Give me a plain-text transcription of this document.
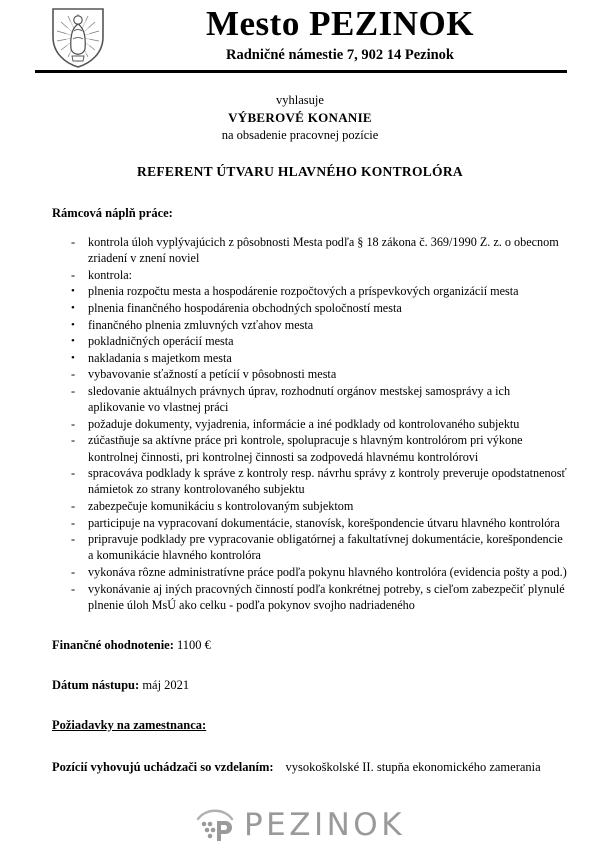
Mesto PEZINOK
Radničné námestie 7, 902 14 Pezinok
vyhlasuje
VÝBEROVÉ KONANIE
na obsadenie pracovnej pozície
REFERENT ÚTVARU HLAVNÉHO KONTROLÓRA
Rámcová náplň práce:
-	kontrola úloh vyplývajúcich z pôsobnosti Mesta podľa § 18 zákona č. 369/1990 Z. z. o obecnom zriadení v znení noviel
-	kontrola:
•	plnenia rozpočtu mesta a hospodárenie rozpočtových a príspevkových organizácií mesta
•	plnenia finančného hospodárenia obchodných spoločností mesta
•	finančného plnenia zmluvných vzťahov mesta
•	pokladničných operácií mesta
•	nakladania s majetkom mesta
-	vybavovanie sťažností a petícií v pôsobnosti mesta
-	sledovanie aktuálnych právnych úprav, rozhodnutí orgánov mestskej samosprávy a ich aplikovanie vo vlastnej práci
-	požaduje dokumenty, vyjadrenia, informácie a iné podklady od kontrolovaného subjektu
-	zúčastňuje sa aktívne práce pri kontrole, spolupracuje s hlavným kontrolórom pri výkone kontrolnej činnosti, pri kontrolnej činnosti sa zodpovedá hlavnému kontrolórovi
-	spracováva podklady k správe z kontroly resp. návrhu správy z kontroly preveruje opodstatnenosť námietok zo strany kontrolovaného subjektu
-	zabezpečuje komunikáciu s kontrolovaným subjektom
-	participuje na vypracovaní dokumentácie, stanovísk, korešpondencie útvaru hlavného kontrolóra
-	pripravuje podklady pre vypracovanie obligatórnej a fakultatívnej dokumentácie, korešpondencie a komunikácie hlavného kontrolóra
-	vykonáva rôzne administratívne práce podľa pokynu hlavného kontrolóra (evidencia pošty a pod.)
-	vykonávanie aj iných pracovných činností podľa konkrétnej potreby, s cieľom zabezpečiť plynulé plnenie úloh MsÚ ako celku - podľa pokynov svojho nadriadeného
Finančné ohodnotenie: 1100 €
Dátum nástupu: máj 2021
Požiadavky na zamestnanca:
Pozícií vyhovujú uchádzači so vzdelaním: vysokoškolské II. stupňa ekonomického zamerania
PEZINOK
